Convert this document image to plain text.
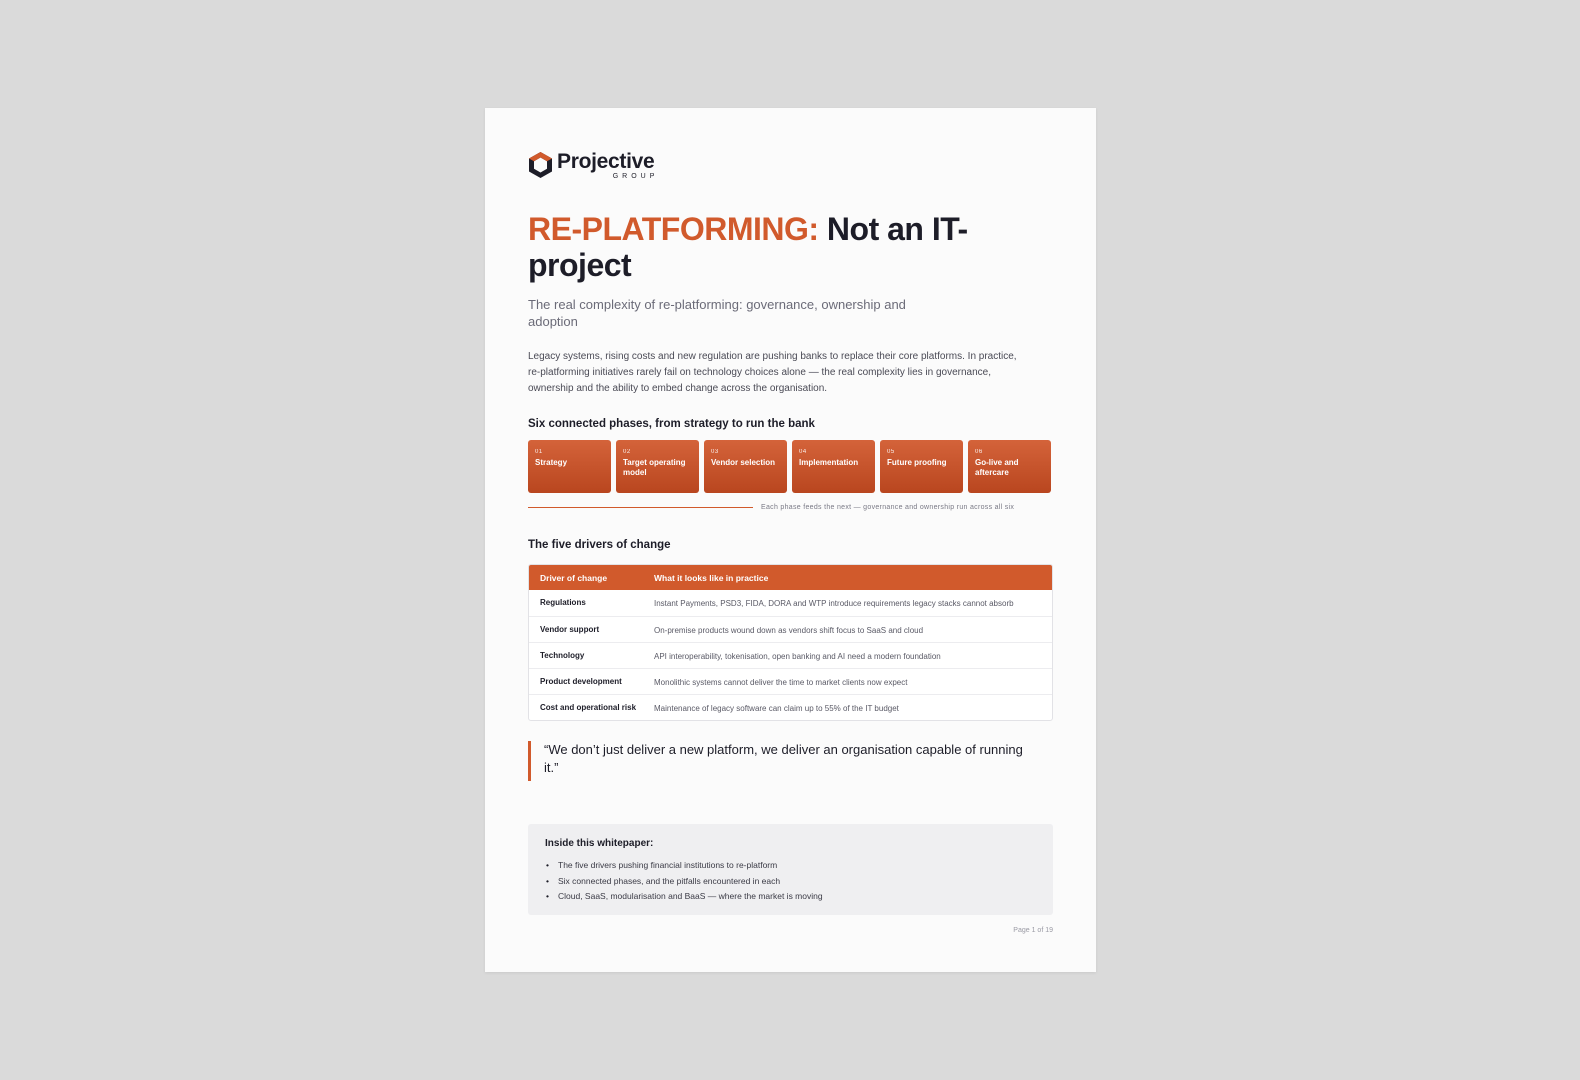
Projective
GROUP
RE-PLATFORMING: Not an IT-project

The real complexity of re-platforming: governance, ownership and adoption

Legacy systems, rising costs and new regulation are pushing banks to replace their core platforms. In practice, re-platforming initiatives rarely fail on technology choices alone — the real complexity lies in governance, ownership and the ability to embed change across the organisation.

Six connected phases, from strategy to run the bank
01
Strategy
02
Target operating model
03
Vendor selection
04
Implementation
05
Future proofing
06
Go-live and aftercare
Each phase feeds the next — governance and ownership run across all six
The five drivers of change
Driver of change	What it looks like in practice
Regulations	Instant Payments, PSD3, FIDA, DORA and WTP introduce requirements legacy stacks cannot absorb
Vendor support	On-premise products wound down as vendors shift focus to SaaS and cloud
Technology	API interoperability, tokenisation, open banking and AI need a modern foundation
Product development	Monolithic systems cannot deliver the time to market clients now expect
Cost and operational risk	Maintenance of legacy software can claim up to 55% of the IT budget
“We don’t just deliver a new platform, we deliver an organisation capable of running it.”
Inside this whitepaper:
• The five drivers pushing financial institutions to re-platform
• Six connected phases, and the pitfalls encountered in each
• Cloud, SaaS, modularisation and BaaS — where the market is moving
Page 1 of 19
